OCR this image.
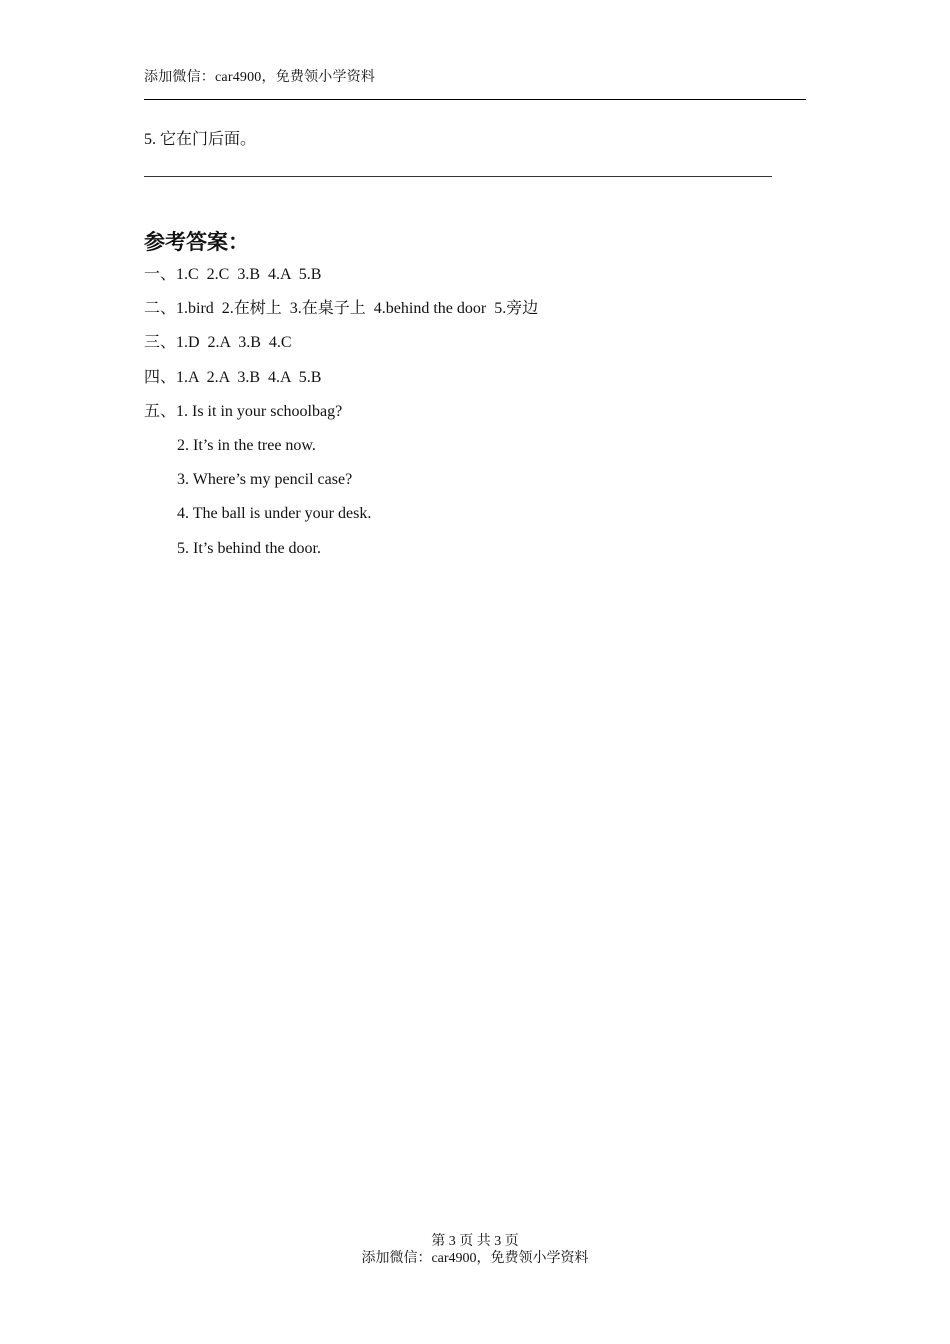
添加微信：car4900，免费领小学资料
5. 它在门后面。
参考答案：
一、1.C  2.C  3.B  4.A  5.B
二、1.bird  2.在树上  3.在桌子上  4.behind the door  5.旁边
三、1.D  2.A  3.B  4.C
四、1.A  2.A  3.B  4.A  5.B
五、1. Is it in your schoolbag?
2. It’s in the tree now.
3. Where’s my pencil case?
4. The ball is under your desk.
5. It’s behind the door.
第 3 页 共 3 页
添加微信：car4900，免费领小学资料
